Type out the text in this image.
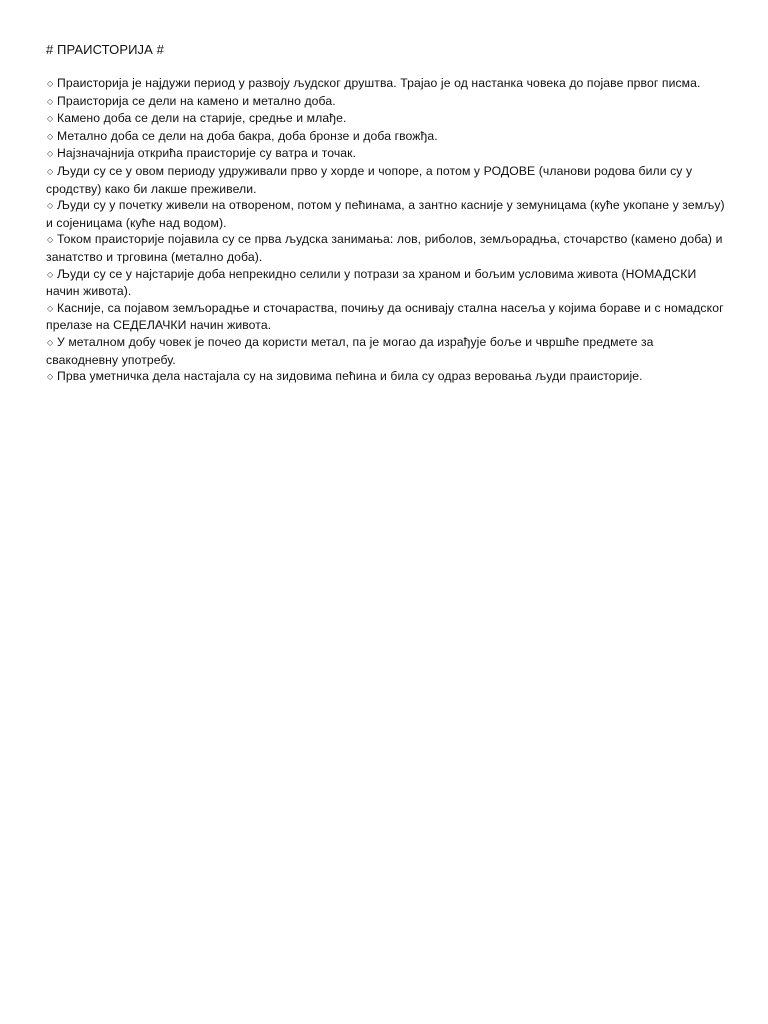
# ПРАИСТОРИЈА #
◇ Праисторија је најдужи период у развоју људског друштва. Трајао је од настанка човека до појаве првог писма.
◇ Праисторија се дели на камено и метално доба.
◇ Камено доба се дели на старије, средње и млађе.
◇ Метално доба се дели на доба бакра, доба бронзе и доба гвожђа.
◇ Најзначајнија открића праисторије су ватра и точак.
◇ Људи су се у овом периоду удруживали прво у хорде и чопоре, а потом у РОДОВЕ (чланови родова били су у сродству) како би лакше преживели.
◇ Људи су у почетку живели на отвореном, потом у пећинама, а зантно касније у земуницама (куће укопане у земљу) и сојеницама (куће над водом).
◇ Током праисторије појавила су се прва људска занимања: лов, риболов, земљорадња, сточарство (камено доба) и занатство и трговина (метално доба).
◇ Људи су се у најстарије доба непрекидно селили у потрази за храном и бољим условима живота (НОМАДСКИ начин живота).
◇ Касније, са појавом земљорадње и сточараства, почињу да оснивају стална насеља у којима бораве и с номадског прелазе на СЕДЕЛАЧКИ начин живота.
◇ У металном добу човек је почео да користи метал, па је могао да израђује боље и чвршће предмете за свакодневну употребу.
◇ Прва уметничка дела настајала су на зидовима пећина и била су одраз веровања људи праисторије.
